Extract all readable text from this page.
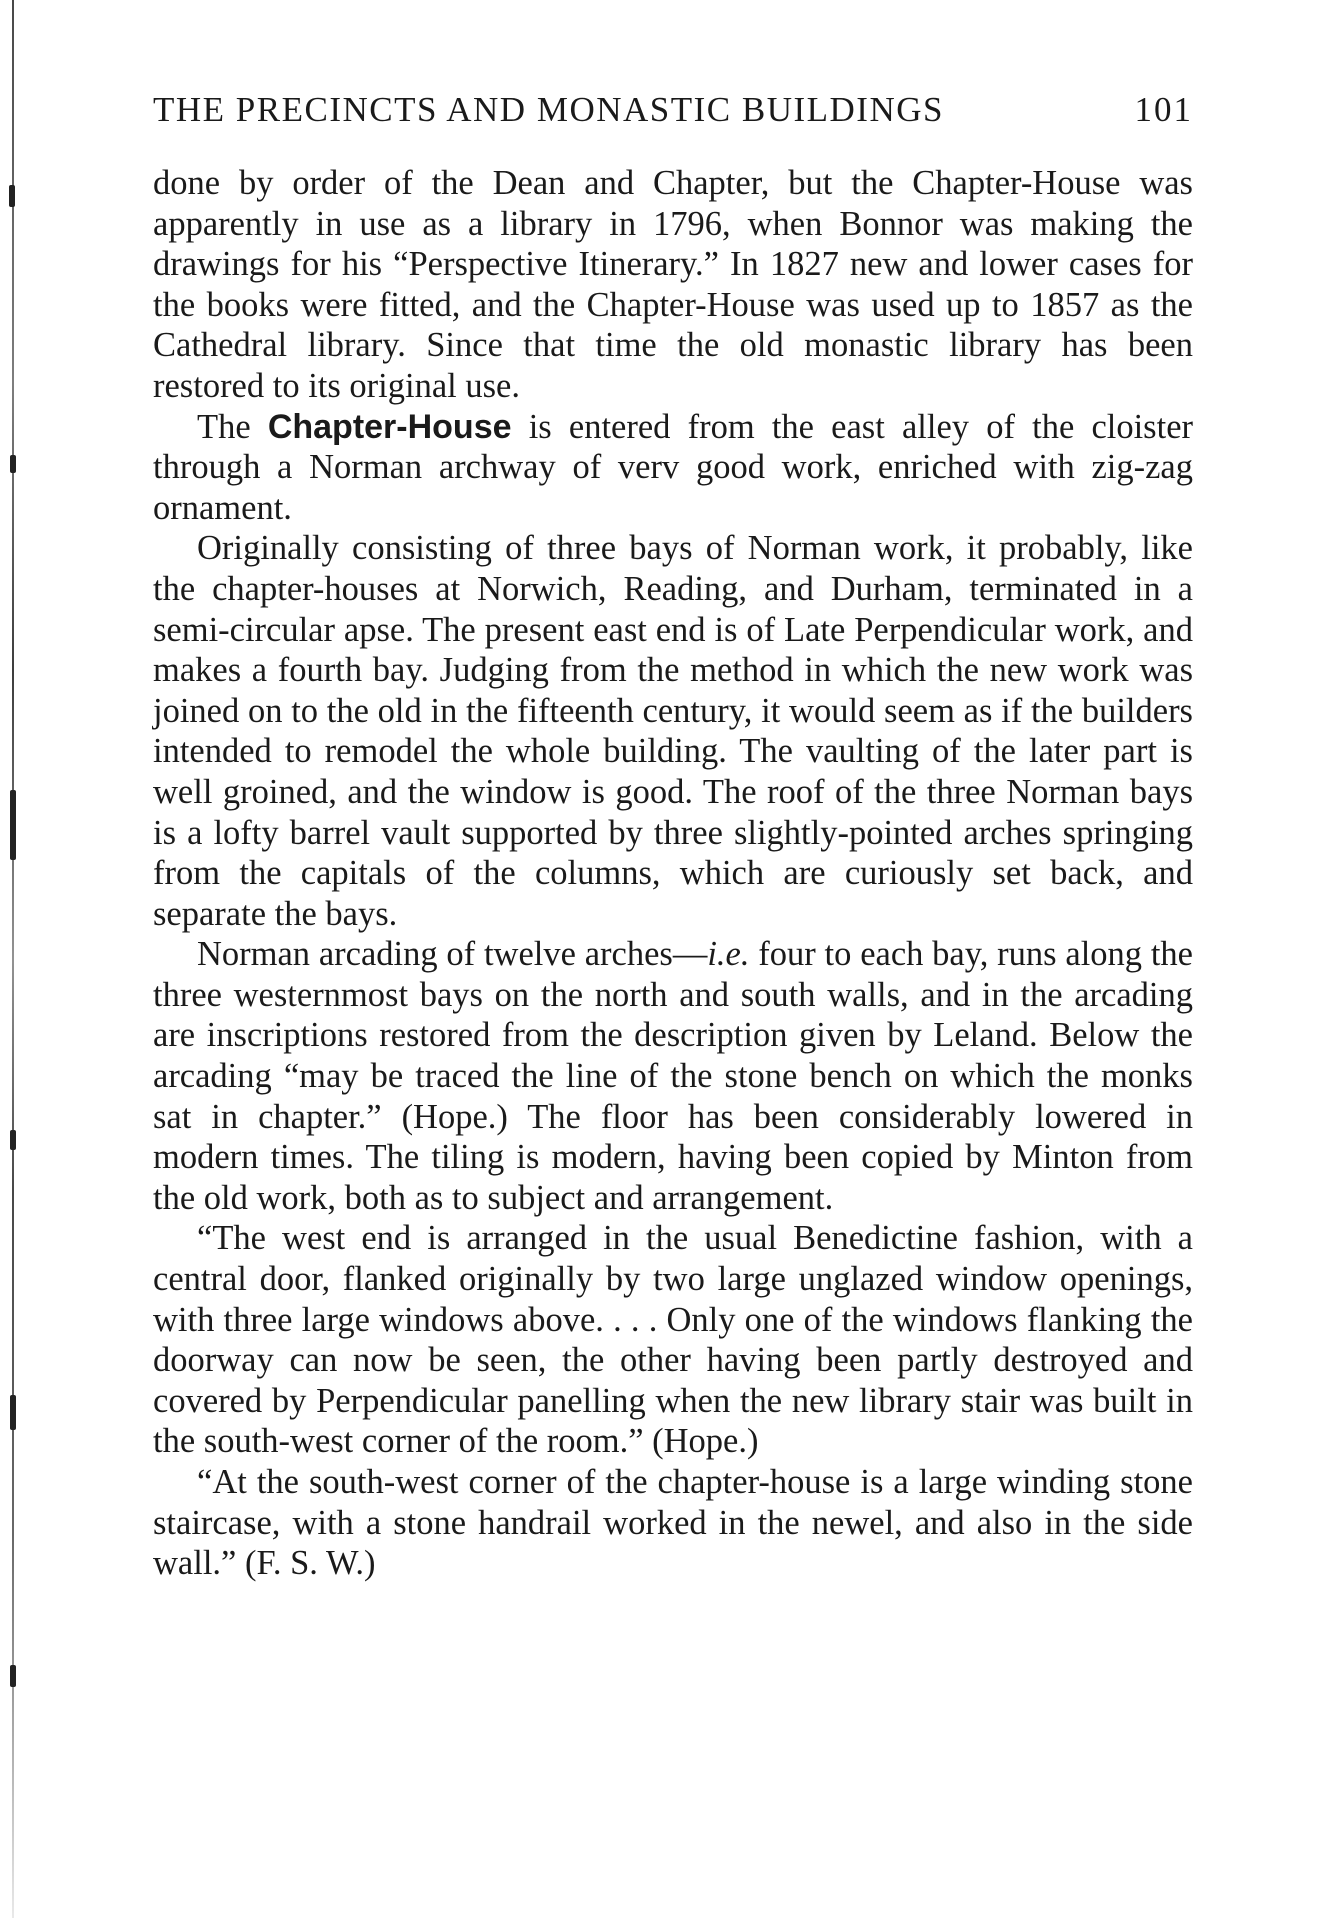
THE PRECINCTS AND MONASTIC BUILDINGS	101

done by order of the Dean and Chapter, but the Chapter-House was apparently in use as a library in 1796, when Bonnor was making the drawings for his “Perspective Itinerary.” In 1827 new and lower cases for the books were fitted, and the Chapter-House was used up to 1857 as the Cathedral library. Since that time the old monastic library has been restored to its original use.

The Chapter-House is entered from the east alley of the cloister through a Norman archway of verv good work, enriched with zig-zag ornament.

Originally consisting of three bays of Norman work, it probably, like the chapter-houses at Norwich, Reading, and Durham, terminated in a semi-circular apse. The present east end is of Late Perpendicular work, and makes a fourth bay. Judging from the method in which the new work was joined on to the old in the fifteenth century, it would seem as if the builders intended to remodel the whole building. The vaulting of the later part is well groined, and the window is good. The roof of the three Norman bays is a lofty barrel vault supported by three slightly-pointed arches springing from the capitals of the columns, which are curiously set back, and separate the bays.

Norman arcading of twelve arches—i.e. four to each bay, runs along the three westernmost bays on the north and south walls, and in the arcading are inscriptions restored from the description given by Leland. Below the arcading “may be traced the line of the stone bench on which the monks sat in chapter.” (Hope.) The floor has been considerably lowered in modern times. The tiling is modern, having been copied by Minton from the old work, both as to subject and arrangement.

“The west end is arranged in the usual Benedictine fashion, with a central door, flanked originally by two large unglazed window openings, with three large windows above. . . . Only one of the windows flanking the doorway can now be seen, the other having been partly destroyed and covered by Perpendicular panelling when the new library stair was built in the south-west corner of the room.” (Hope.)

“At the south-west corner of the chapter-house is a large winding stone staircase, with a stone handrail worked in the newel, and also in the side wall.” (F. S. W.)
